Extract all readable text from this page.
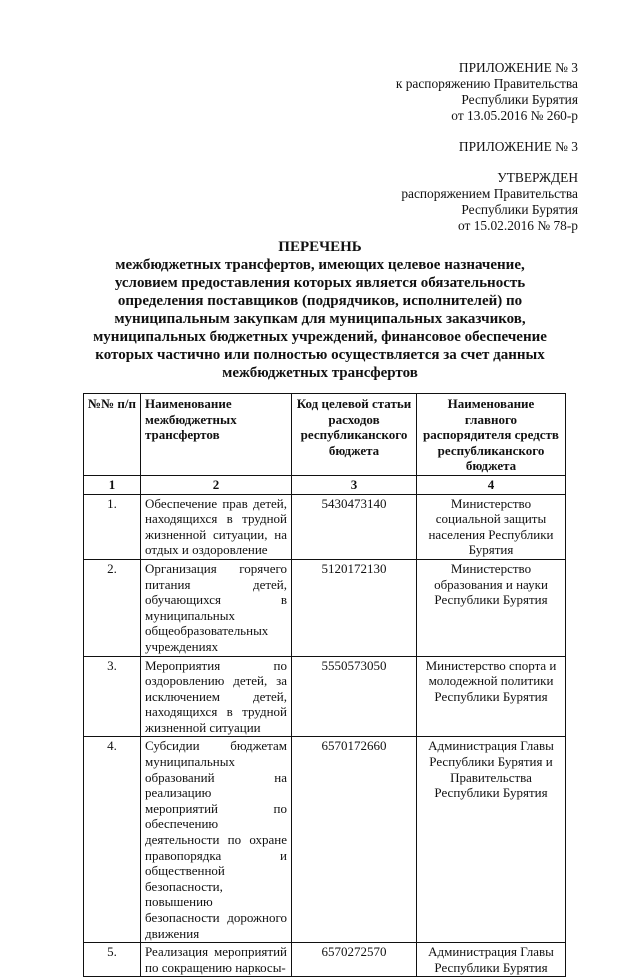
ПРИЛОЖЕНИЕ № 3
к распоряжению Правительства
Республики Бурятия
от 13.05.2016 № 260-р
ПРИЛОЖЕНИЕ № 3
УТВЕРЖДЕН
распоряжением Правительства
Республики Бурятия
от 15.02.2016 № 78-р
ПЕРЕЧЕНЬ
межбюджетных трансфертов, имеющих целевое назначение, условием предоставления которых является обязательность определения поставщиков (подрядчиков, исполнителей) по муниципальным закупкам для муниципальных заказчиков, муниципальных бюджетных учреждений, финансовое обеспечение которых частично или полностью осуществляется за счет данных межбюджетных трансфертов
№№ п/п	Наименование межбюджетных трансфертов	Код целевой статьи расходов республиканского бюджета	Наименование главного распорядителя средств республиканского бюджета
1	2	3	4
1.	Обеспечение прав детей, находящихся в трудной жизненной ситуации, на отдых и оздоровление	5430473140	Министерство социальной защиты населения Республики Бурятия
2.	Организация горячего питания детей, обучающихся в муниципальных общеобразовательных учреждениях	5120172130	Министерство образования и науки Республики Бурятия
3.	Мероприятия по оздоровлению детей, за исключением детей, находящихся в трудной жизненной ситуации	5550573050	Министерство спорта и молодежной политики Республики Бурятия
4.	Субсидии бюджетам муниципальных образований на реализацию мероприятий по обеспечению деятельности по охране правопорядка и общественной безопасности, повышению безопасности дорожного движения	6570172660	Администрация Главы Республики Бурятия и Правительства Республики Бурятия
5.	Реализация мероприятий по сокращению наркосы-	6570272570	Администрация Главы Республики Бурятия
